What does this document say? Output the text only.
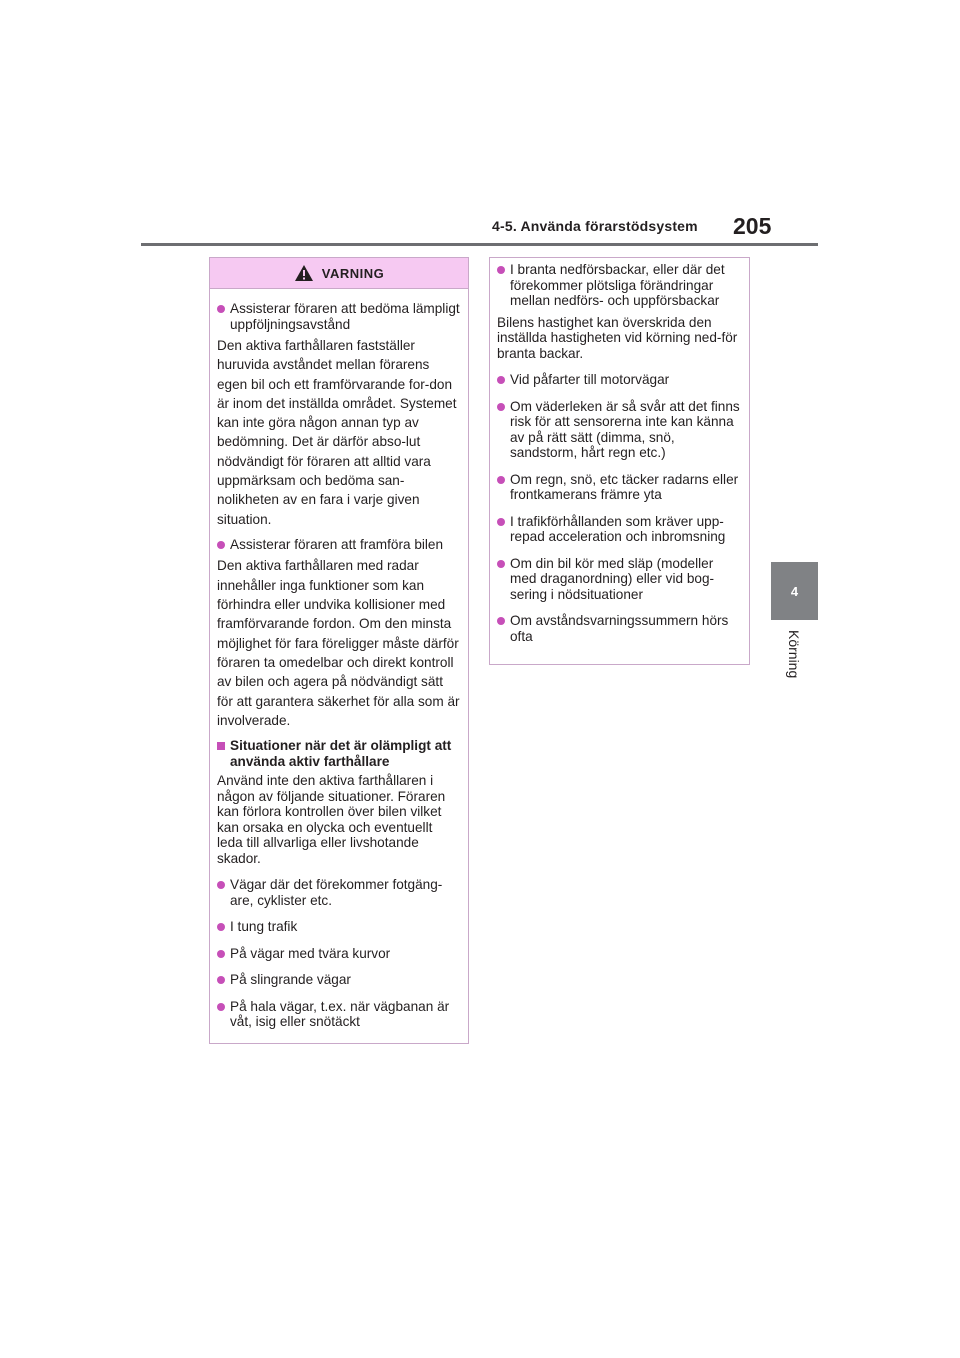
4-5. Använda förarstödsystem 205
4
Körning
VARNING
Assisterar föraren att bedöma lämpligt uppföljningsavstånd
Den aktiva farthållaren fastställer huruvida avståndet mellan förarens egen bil och ett framförvarande for-don är inom det inställda området. Systemet kan inte göra någon annan typ av bedömning. Det är därför abso-lut nödvändigt för föraren att alltid vara uppmärksam och bedöma san-nolikheten av en fara i varje given situation.
Assisterar föraren att framföra bilen
Den aktiva farthållaren med radar innehåller inga funktioner som kan förhindra eller undvika kollisioner med framförvarande fordon. Om den minsta möjlighet för fara föreligger måste därför föraren ta omedelbar och direkt kontroll av bilen och agera på nödvändigt sätt för att garantera säkerhet för alla som är involverade.
Situationer när det är olämpligt att använda aktiv farthållare
Använd inte den aktiva farthållaren i någon av följande situationer. Föraren kan förlora kontrollen över bilen vilket kan orsaka en olycka och eventuellt leda till allvarliga eller livshotande skador.
Vägar där det förekommer fotgäng-are, cyklister etc.
I tung trafik
På vägar med tvära kurvor
På slingrande vägar
På hala vägar, t.ex. när vägbanan är våt, isig eller snötäckt
I branta nedförsbackar, eller där det förekommer plötsliga förändringar mellan nedförs- och uppförsbackar
Bilens hastighet kan överskrida den inställda hastigheten vid körning ned-för branta backar.
Vid påfarter till motorvägar
Om väderleken är så svår att det finns risk för att sensorerna inte kan känna av på rätt sätt (dimma, snö, sandstorm, hårt regn etc.)
Om regn, snö, etc täcker radarns eller frontkamerans främre yta
I trafikförhållanden som kräver upp-repad acceleration och inbromsning
Om din bil kör med släp (modeller med draganordning) eller vid bog-sering i nödsituationer
Om avståndsvarningssummern hörs ofta
